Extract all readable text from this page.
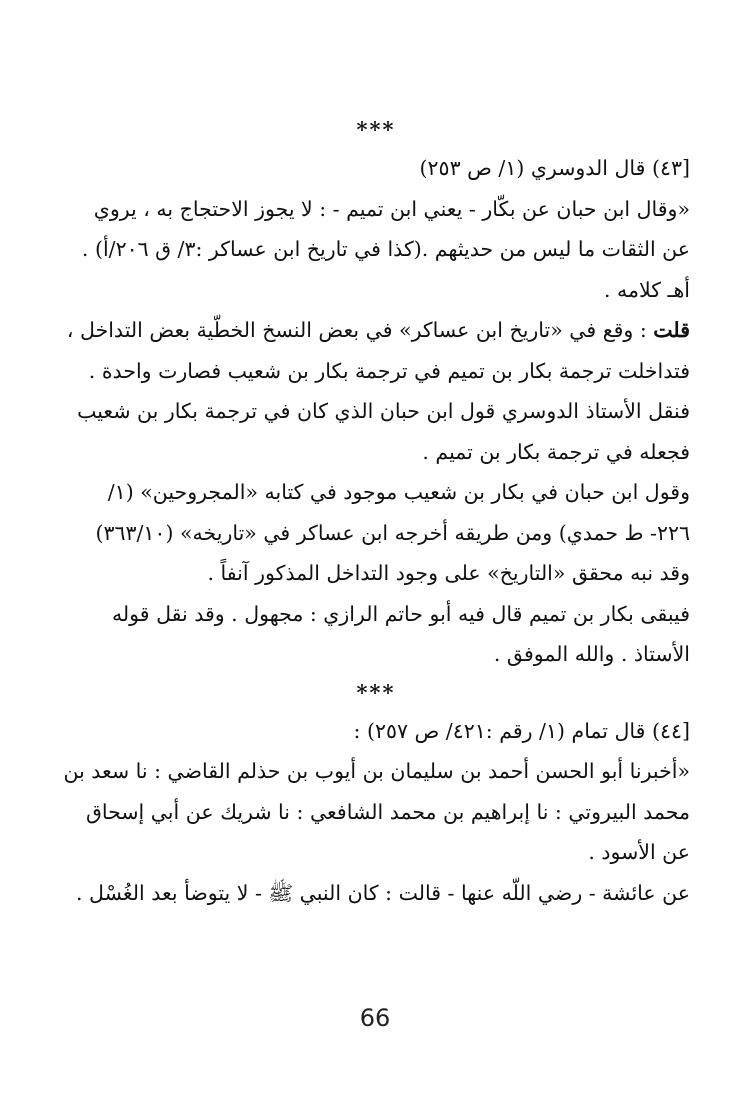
***

[٤٣) قال الدوسري (١/ ص ٢٥٣)

«وقال ابن حبان عن بكّار - يعني ابن تميم - : لا يجوز الاحتجاج به ، يروي عن الثقات ما ليس من حديثهم .(كذا في تاريخ ابن عساكر :٣/ ق ٢٠٦/أ) . أهـ كلامه .

قلت : وقع في «تاريخ ابن عساكر» في بعض النسخ الخطّية بعض التداخل ، فتداخلت ترجمة بكار بن تميم في ترجمة بكار بن شعيب فصارت واحدة .

فنقل الأستاذ الدوسري قول ابن حبان الذي كان في ترجمة بكار بن شعيب فجعله في ترجمة بكار بن تميم .

وقول ابن حبان في بكار بن شعيب موجود في كتابه «المجروحين» (١/ ٢٢٦- ط حمدي) ومن طريقه أخرجه ابن عساكر في «تاريخه» (٣٦٣/١٠)

وقد نبه محقق «التاريخ» على وجود التداخل المذكور آنفاً .

فيبقى بكار بن تميم قال فيه أبو حاتم الرازي : مجهول . وقد نقل قوله الأستاذ . والله الموفق .

***

[٤٤) قال تمام (١/ رقم :٤٢١/ ص ٢٥٧) :

«أخبرنا أبو الحسن أحمد بن سليمان بن أيوب بن حذلم القاضي : نا سعد بن محمد البيروتي : نا إبراهيم بن محمد الشافعي : نا شريك عن أبي إسحاق عن الأسود .

عن عائشة - رضي اللّه عنها - قالت : كان النبي ﷺ - لا يتوضأ بعد الغُسْل .

66
